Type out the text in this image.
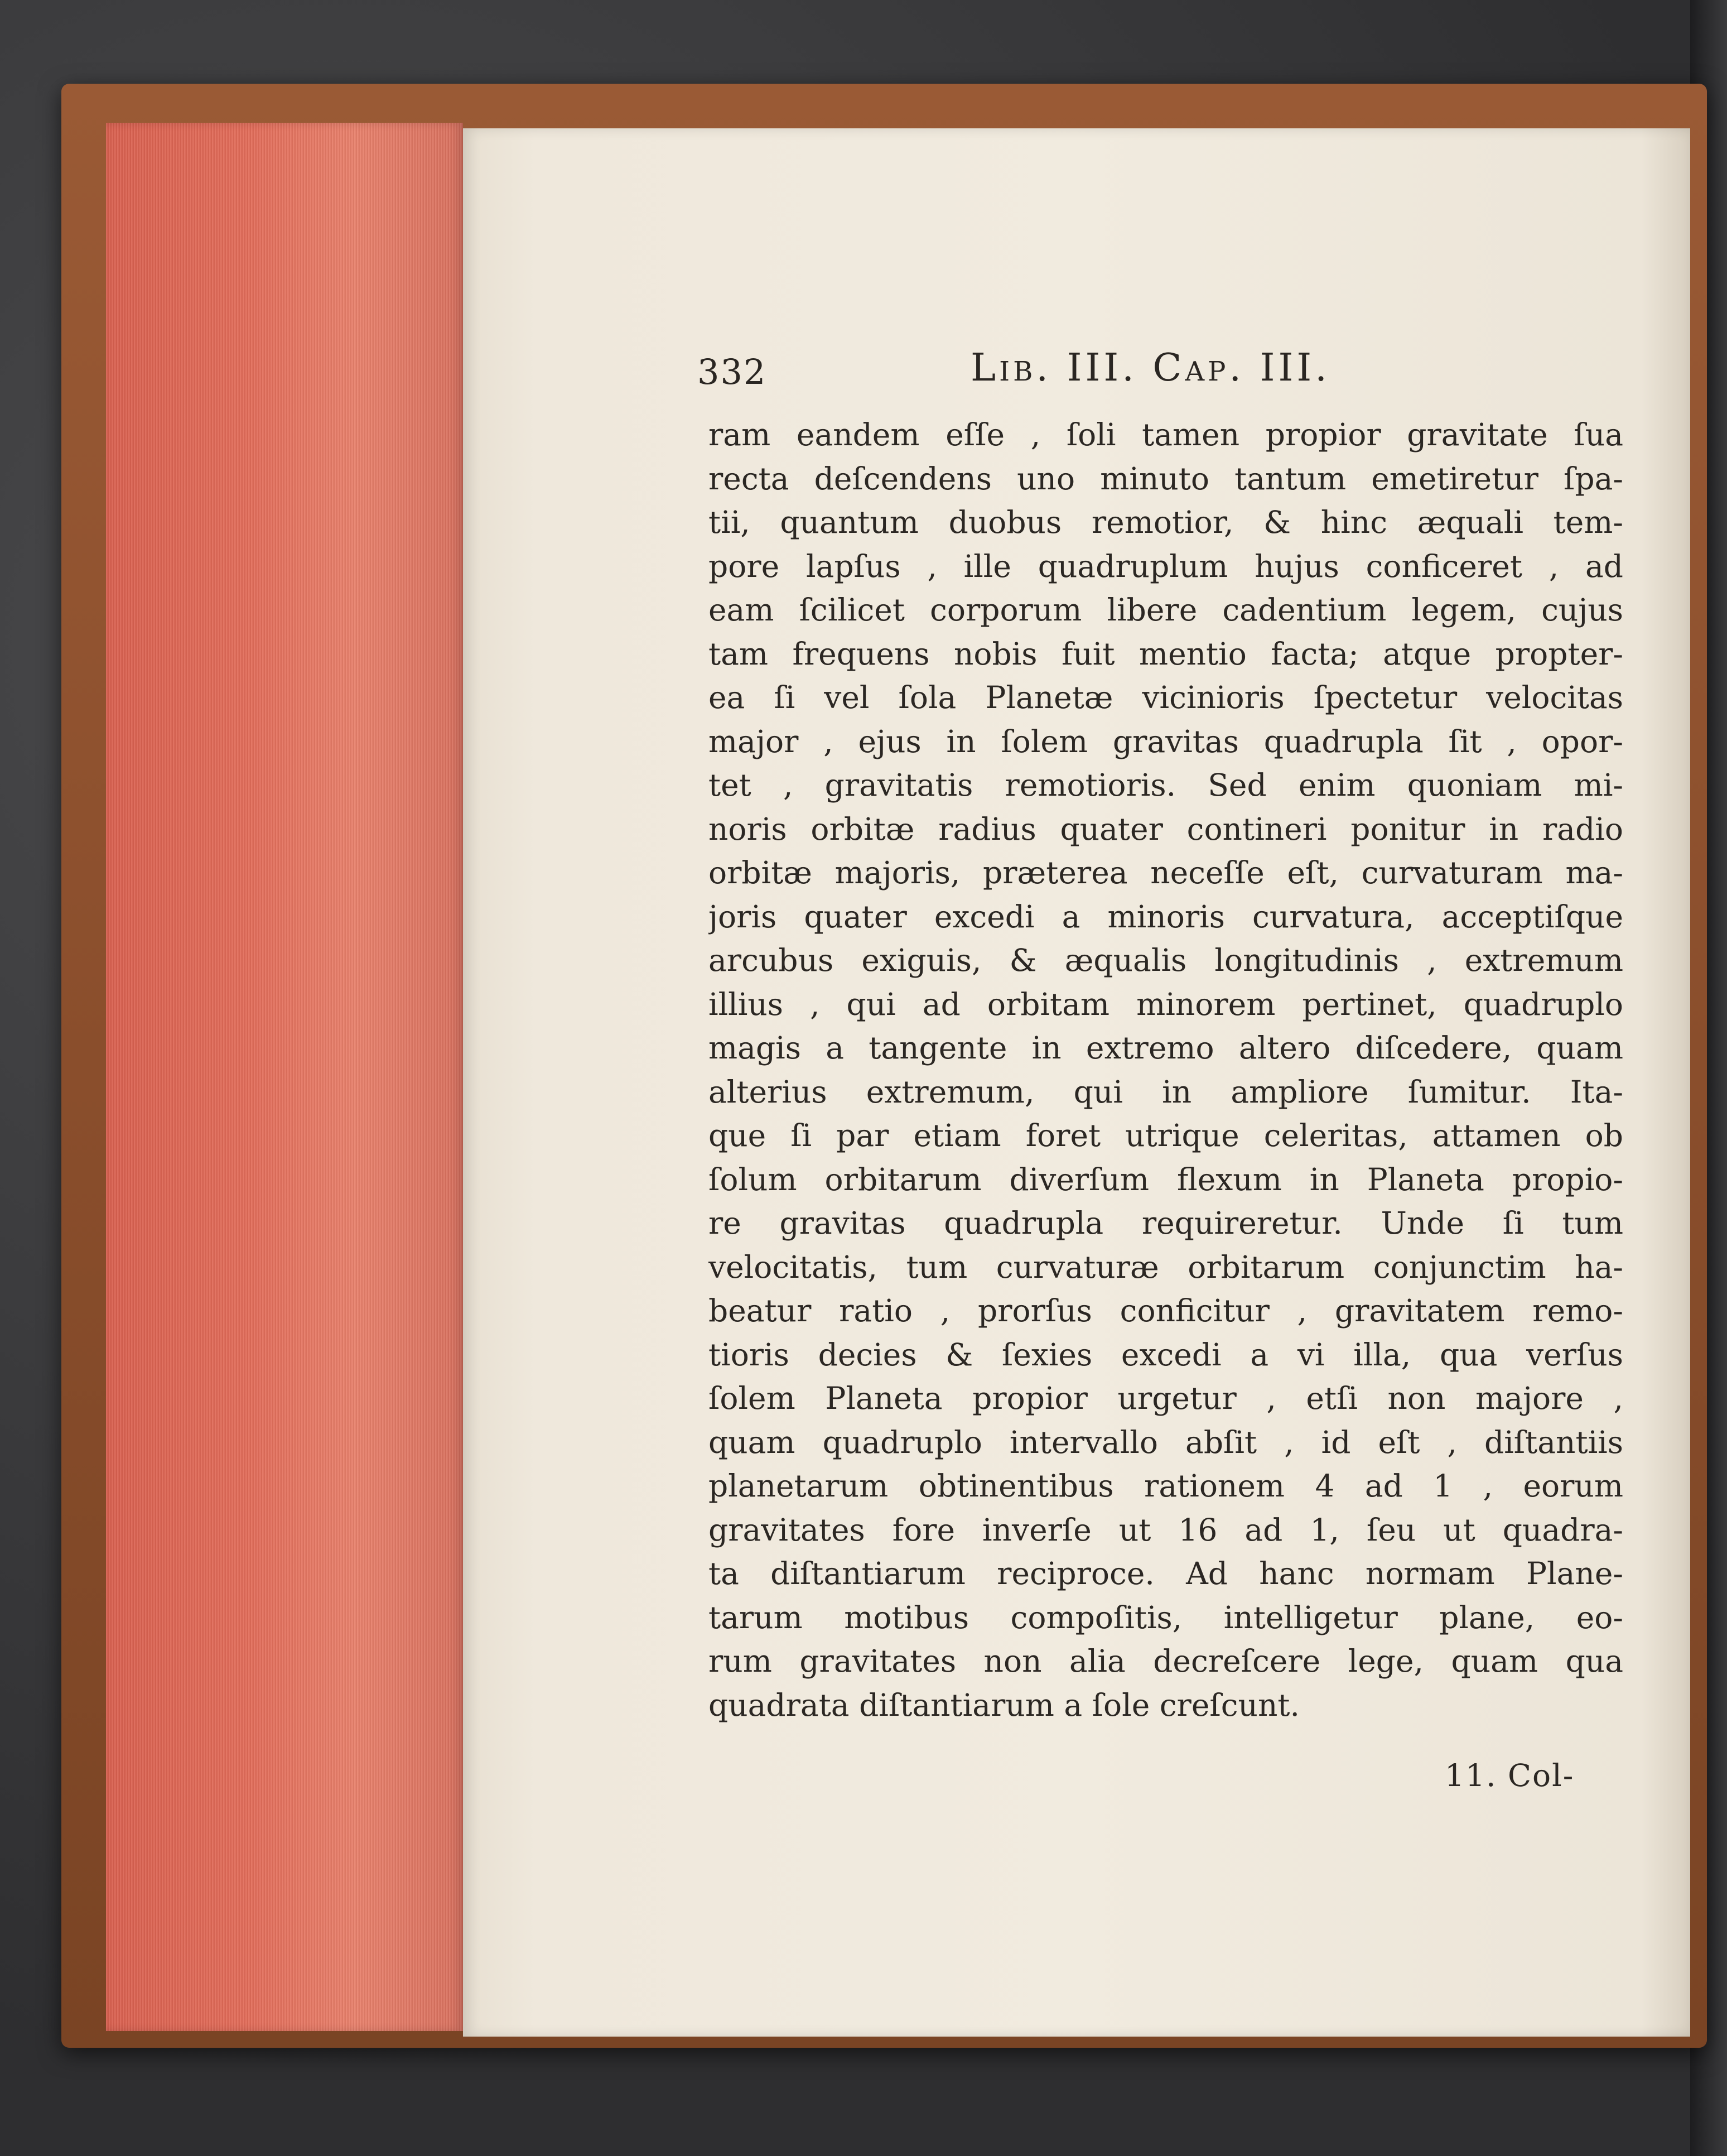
332	Lib. III. Cap. III.
ram eandem eſſe , ſoli tamen propior gravitate ſua
recta deſcendens uno minuto tantum emetiretur ſpa-
tii, quantum duobus remotior, & hinc æquali tem-
pore lapſus , ille quadruplum hujus conficeret , ad
eam ſcilicet corporum libere cadentium legem, cujus
tam frequens nobis fuit mentio facta; atque propter-
ea ſi vel ſola Planetæ vicinioris ſpectetur velocitas
major , ejus in ſolem gravitas quadrupla ſit , opor-
tet , gravitatis remotioris. Sed enim quoniam mi-
noris orbitæ radius quater contineri ponitur in radio
orbitæ majoris, præterea neceſſe eſt, curvaturam ma-
joris quater excedi a minoris curvatura, acceptiſque
arcubus exiguis, & æqualis longitudinis , extremum
illius , qui ad orbitam minorem pertinet, quadruplo
magis a tangente in extremo altero diſcedere, quam
alterius extremum, qui in ampliore ſumitur. Ita-
que ſi par etiam foret utrique celeritas, attamen ob
ſolum orbitarum diverſum flexum in Planeta propio-
re gravitas quadrupla requireretur. Unde ſi tum
velocitatis, tum curvaturæ orbitarum conjunctim ha-
beatur ratio , prorſus conficitur , gravitatem remo-
tioris decies & ſexies excedi a vi illa, qua verſus
ſolem Planeta propior urgetur , etſi non majore ,
quam quadruplo intervallo abſit , id eſt , diſtantiis
planetarum obtinentibus rationem 4 ad 1 , eorum
gravitates fore inverſe ut 16 ad 1, ſeu ut quadra-
ta diſtantiarum reciproce. Ad hanc normam Plane-
tarum motibus compoſitis, intelligetur plane, eo-
rum gravitates non alia decreſcere lege, quam qua
quadrata diſtantiarum a ſole creſcunt.
11. Col-
